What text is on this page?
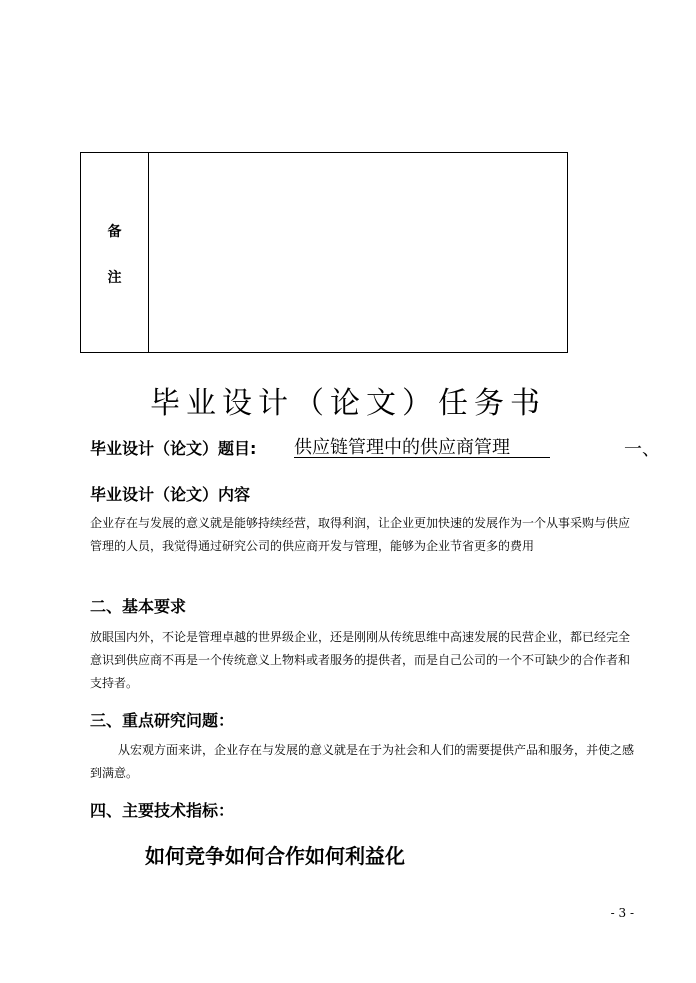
备
注
毕业设计（论文）任务书
毕业设计（论文）题目: 供应链管理中的供应商管理	一、
毕业设计（论文）内容
企业存在与发展的意义就是能够持续经营，取得利润，让企业更加快速的发展作为一个从事采购与供应管理的人员，我觉得通过研究公司的供应商开发与管理，能够为企业节省更多的费用
二、基本要求
放眼国内外，不论是管理卓越的世界级企业，还是刚刚从传统思维中高速发展的民营企业，都已经完全意识到供应商不再是一个传统意义上物料或者服务的提供者，而是自己公司的一个不可缺少的合作者和支持者。
三、重点研究问题：
从宏观方面来讲，企业存在与发展的意义就是在于为社会和人们的需要提供产品和服务，并使之感到满意。
四、主要技术指标：
如何竞争如何合作如何利益化
- 3 -
